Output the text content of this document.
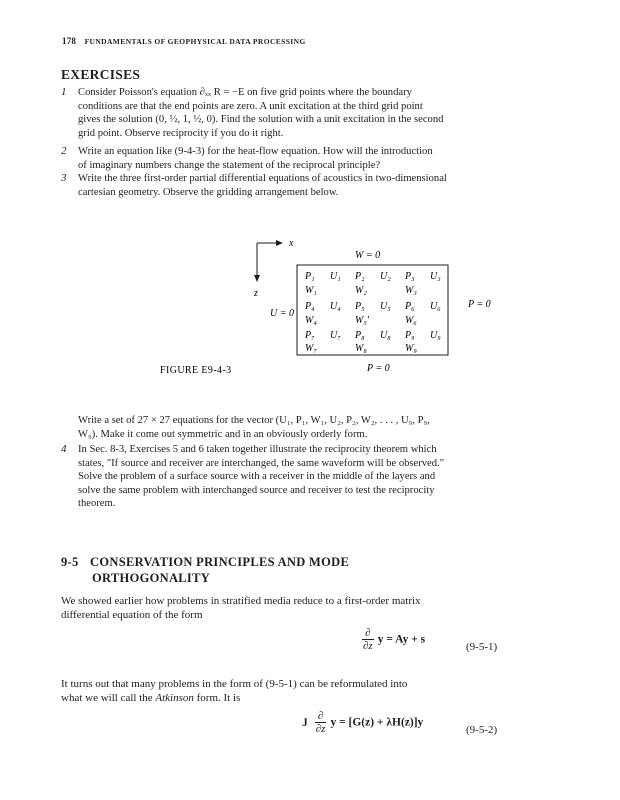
178 FUNDAMENTALS OF GEOPHYSICAL DATA PROCESSING
EXERCISES
1 Consider Poisson's equation ∂ₓₓ R = −E on five grid points where the boundary
conditions are that the end points are zero. A unit excitation at the third grid point
gives the solution (0, ½, 1, ½, 0). Find the solution with a unit excitation in the second
grid point. Observe reciprocity if you do it right.
2 Write an equation like (9-4-3) for the heat-flow equation. How will the introduction
of imaginary numbers change the statement of the reciprocal principle?
3 Write the three first-order partial differential equations of acoustics in two-dimensional
cartesian geometry. Observe the gridding arrangement below.
x
z
W = 0
U = 0
P = 0
P = 0
P₁ U₁ P₂ U₂ P₃ U₃
W₁	W₂	W₃
P₄ U₄ P₅ U₅ P₆ U₆
W₄	W₅'	W₆
P₇ U₇ P₈ U₈ P₉ U₉
W₇	W₈	W₉
FIGURE E9-4-3
Write a set of 27 × 27 equations for the vector (U₁, P₁, W₁, U₂, P₂, W₂, . . . , U₉, P₉,
W₉). Make it come out symmetric and in an obviously orderly form.
4 In Sec. 8-3, Exercises 5 and 6 taken together illustrate the reciprocity theorem which
states, "If source and receiver are interchanged, the same waveform will be observed."
Solve the problem of a surface source with a receiver in the middle of the layers and
solve the same problem with interchanged source and receiver to test the reciprocity
theorem.
9-5 CONSERVATION PRINCIPLES AND MODE
ORTHOGONALITY
We showed earlier how problems in stratified media reduce to a first-order matrix
differential equation of the form
∂
∂z
y = Ay + s
(9-5-1)
It turns out that many problems in the form of (9-5-1) can be reformulated into
what we will call the Atkinson form. It is
J
∂
∂z
y = [G(z) + λH(z)]y
(9-5-2)
